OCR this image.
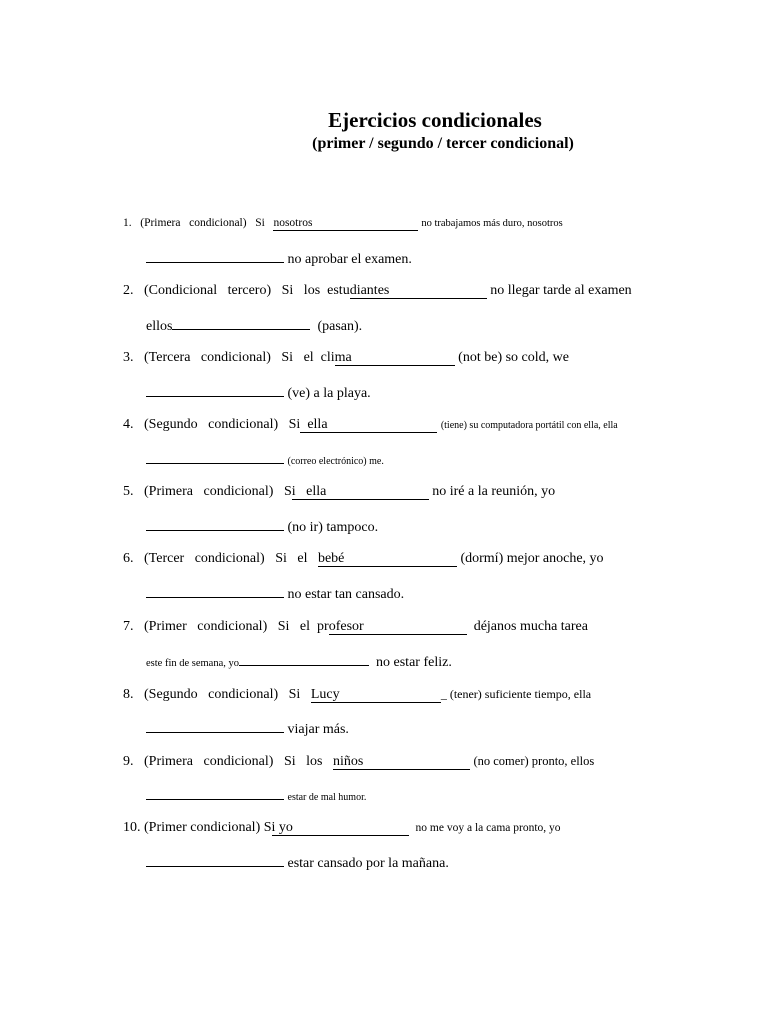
Ejercicios condicionales
(primer / segundo / tercer condicional)
1. (Primera   condicional) Si nosotros	no trabajamos más duro, nosotros
no aprobar el examen.
2. (Condicional   tercero) Si   los estudiantes	no llegar tarde al examen
ellos	(pasan).
3. (Tercera   condicional) Si   el clima	(not be) so cold, we
(ve) a la playa.
4. (Segundo   condicional) Si ella	(tiene) su computadora portátil con ella, ella
(correo electrónico) me.
5. (Primera   condicional) Si   ella	no iré a la reunión, yo
(no ir) tampoco.
6. (Tercer   condicional) Si   el bebé	(dormí) mejor anoche, yo
no estar tan cansado.
7. (Primer   condicional) Si   el profesor	déjanos mucha tarea
este fin de semana, yo	no estar feliz.
8. (Segundo   condicional) Si Lucy	_ (tener) suficiente tiempo, ella
viajar más.
9. (Primera   condicional) Si   los niños	(no comer) pronto, ellos
estar de mal humor.
10. (Primer condicional) Si yo	no me voy a la cama pronto, yo
estar cansado por la mañana.
